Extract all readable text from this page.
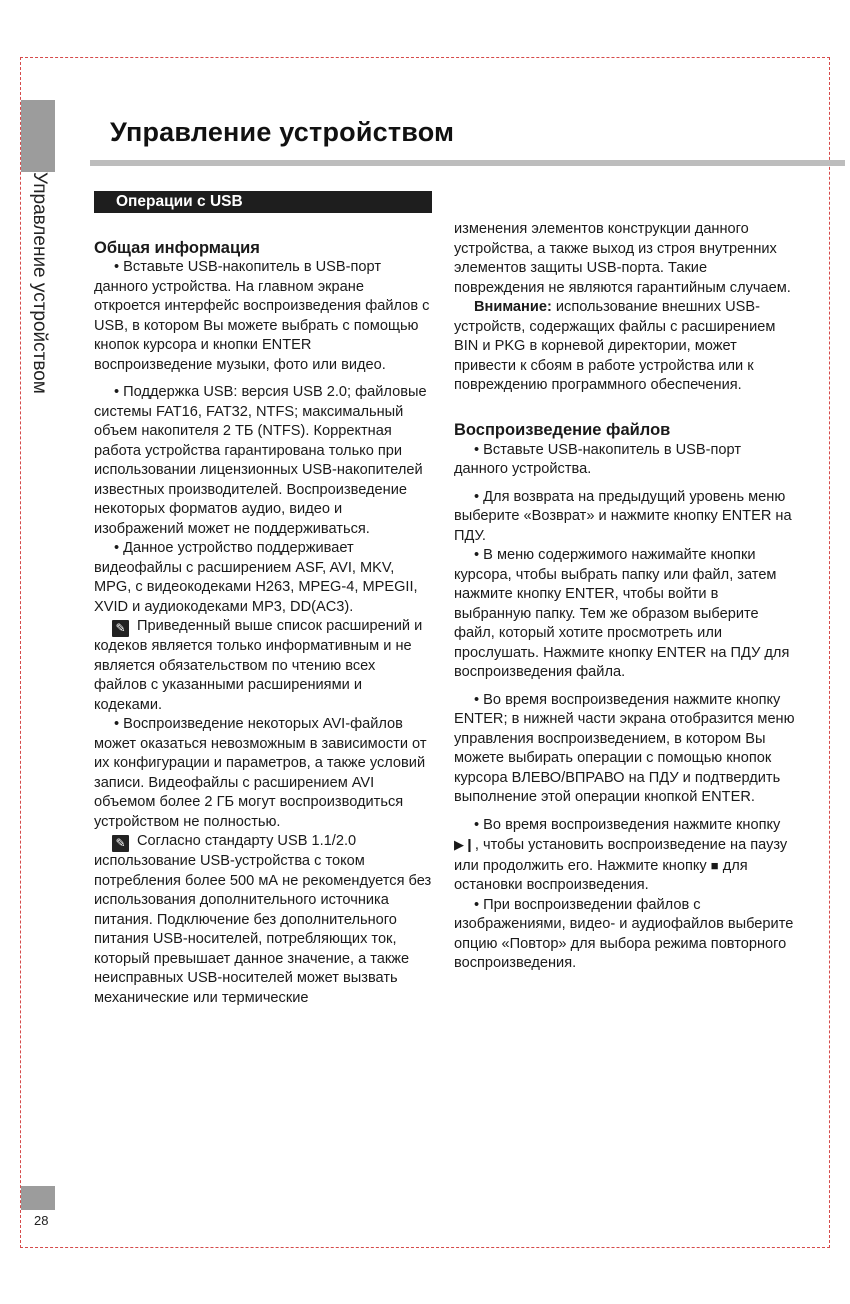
Управление устройством
28
Управление устройством
Операции с USB

Общая информация

• Вставьте USB-накопитель в USB-порт данного устройства. На главном экране откроется интерфейс воспроизведения файлов с USB, в котором Вы можете выбрать с помощью кнопок курсора и кнопки ENTER воспроизведение музыки, фото или видео.

• Поддержка USB: версия USB 2.0; файловые системы FAT16, FAT32, NTFS; максимальный объем накопителя 2 ТБ (NTFS). Корректная работа устройства гарантирована только при использовании лицензионных USB-накопителей известных производителей. Воспроизведение некоторых форматов аудио, видео и изображений может не поддерживаться.

• Данное устройство поддерживает видеофайлы с расширением ASF, AVI, MKV, MPG, с видеокодеками H263, MPEG-4, MPEGII, XVID и аудиокодеками MP3, DD(AC3).

✎ Приведенный выше список расширений и кодеков является только информативным и не является обязательством по чтению всех файлов с указанными расширениями и кодеками.

• Воспроизведение некоторых AVI-файлов может оказаться невозможным в зависимости от их конфигурации и параметров, а также условий записи. Видеофайлы с расширением AVI объемом более 2 ГБ могут воспроизводиться устройством не полностью.

✎ Согласно стандарту USB 1.1/2.0 использование USB-устройства с током потребления более 500 мА не рекомендуется без использования дополнительного источника питания. Подключение без дополнительного питания USB-носителей, потребляющих ток, который превышает данное значение, а также неисправных USB-носителей может вызвать механические или термические

изменения элементов конструкции данного устройства, а также выход из строя внутренних элементов защиты USB-порта. Такие повреждения не являются гарантийным случаем.

Внимание: использование внешних USB-устройств, содержащих файлы с расширением BIN и PKG в корневой директории, может привести к сбоям в работе устройства или к повреждению программного обеспечения.

Воспроизведение файлов

• Вставьте USB-накопитель в USB-порт данного устройства.

• Для возврата на предыдущий уровень меню выберите «Возврат» и нажмите кнопку ENTER на ПДУ.

• В меню содержимого нажимайте кнопки курсора, чтобы выбрать папку или файл, затем нажмите кнопку ENTER, чтобы войти в выбранную папку. Тем же образом выберите файл, который хотите просмотреть или прослушать. Нажмите кнопку ENTER на ПДУ для воспроизведения файла.

• Во время воспроизведения нажмите кнопку ENTER; в нижней части экрана отобразится меню управления воспроизведением, в котором Вы можете выбирать операции с помощью кнопок курсора ВЛЕВО/ВПРАВО на ПДУ и подтвердить выполнение этой операции кнопкой ENTER.

• Во время воспроизведения нажмите кнопку ▶❙, чтобы установить воспроизведение на паузу или продолжить его. Нажмите кнопку ■ для остановки воспроизведения.

• При воспроизведении файлов с изображениями, видео- и аудиофайлов выберите опцию «Повтор» для выбора режима повторного воспроизведения.
